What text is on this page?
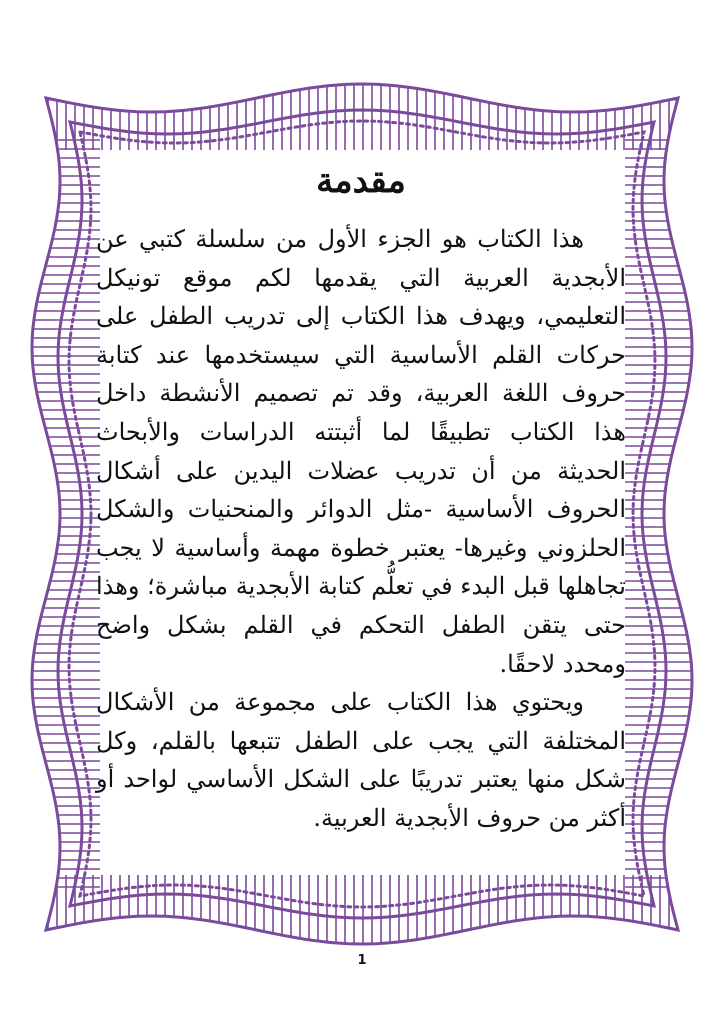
مقدمة

هذا الكتاب هو الجزء الأول من سلسلة كتبي عن الأبجدية العربية التي يقدمها لكم موقع تونيكل التعليمي، ويهدف هذا الكتاب إلى تدريب الطفل على حركات القلم الأساسية التي سيستخدمها عند كتابة حروف اللغة العربية، وقد تم تصميم الأنشطة داخل هذا الكتاب تطبيقًا لما أثبتته الدراسات والأبحاث الحديثة من أن تدريب عضلات اليدين على أشكال الحروف الأساسية -مثل الدوائر والمنحنيات والشكل الحلزوني وغيرها- يعتبر خطوة مهمة وأساسية لا يجب تجاهلها قبل البدء في تعلُّم كتابة الأبجدية مباشرة؛ وهذا حتى يتقن الطفل التحكم في القلم بشكل واضح ومحدد لاحقًا.

ويحتوي هذا الكتاب على مجموعة من الأشكال المختلفة التي يجب على الطفل تتبعها بالقلم، وكل شكل منها يعتبر تدريبًا على الشكل الأساسي لواحد أو أكثر من حروف الأبجدية العربية.

1
